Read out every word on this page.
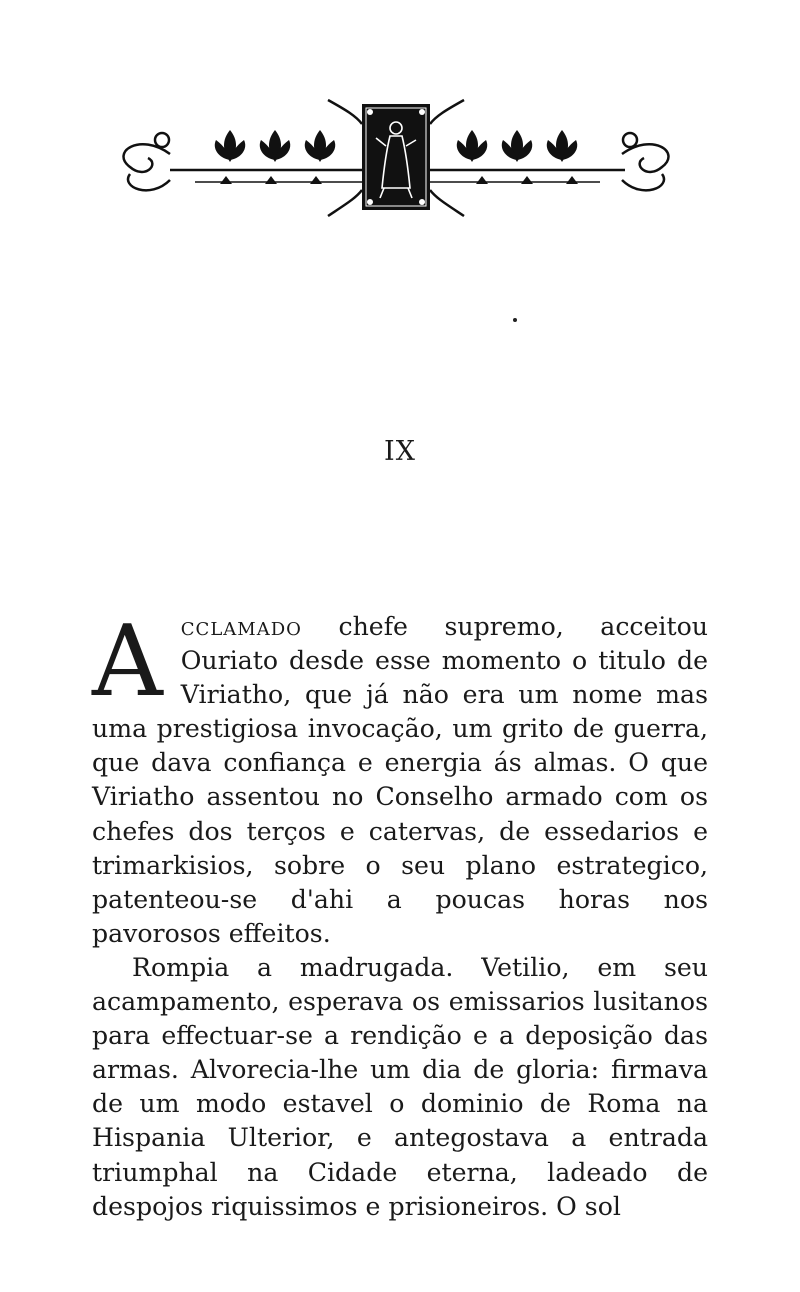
IX

Acclamado chefe supremo, acceitou Ouriato desde esse momento o titulo de Viriatho, que já não era um nome mas uma prestigiosa invocação, um grito de guerra, que dava confiança e energia ás almas. O que Viriatho assentou no Conselho armado com os chefes dos terços e catervas, de essedarios e trimarkisios, sobre o seu plano estrategico, patenteou-se d'ahi a poucas horas nos pavorosos effeitos.

Rompia a madrugada. Vetilio, em seu acampamento, esperava os emissarios lusitanos para effectuar-se a rendição e a deposição das armas. Alvorecia-lhe um dia de gloria: firmava de um modo estavel o dominio de Roma na Hispania Ulterior, e antegostava a entrada triumphal na Cidade eterna, ladeado de despojos riquissimos e prisioneiros. O sol
